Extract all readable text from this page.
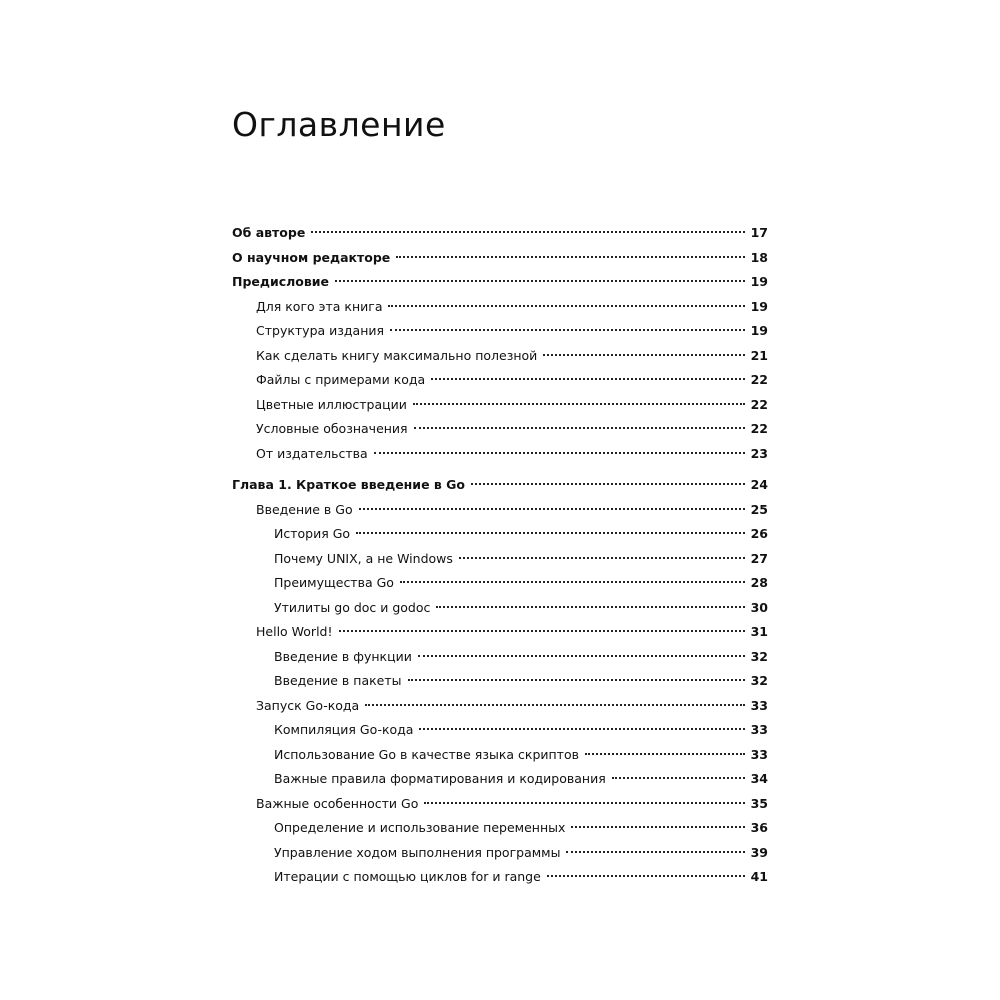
Оглавление
Об авторе	17
О научном редакторе	18
Предисловие	19
Для кого эта книга	19
Структура издания	19
Как сделать книгу максимально полезной	21
Файлы с примерами кода	22
Цветные иллюстрации	22
Условные обозначения	22
От издательства	23
Глава 1. Краткое введение в Go	24
Введение в Go	25
История Go	26
Почему UNIX, а не Windows	27
Преимущества Go	28
Утилиты go doc и godoc	30
Hello World!	31
Введение в функции	32
Введение в пакеты	32
Запуск Go-кода	33
Компиляция Go-кода	33
Использование Go в качестве языка скриптов	33
Важные правила форматирования и кодирования	34
Важные особенности Go	35
Определение и использование переменных	36
Управление ходом выполнения программы	39
Итерации с помощью циклов for и range	41
